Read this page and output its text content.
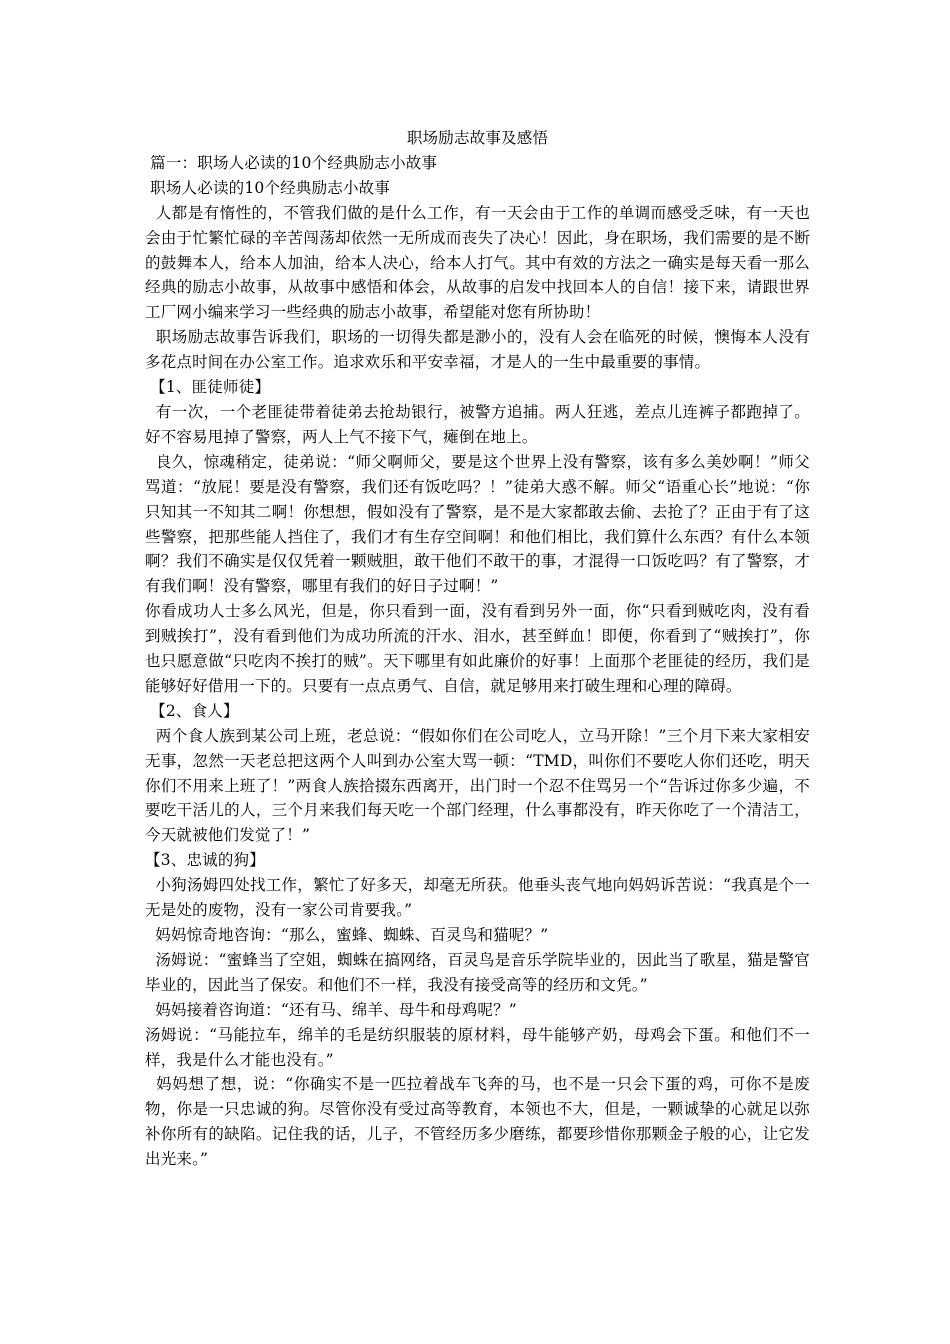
职场励志故事及感悟

篇一：职场人必读的10个经典励志小故事

职场人必读的10个经典励志小故事

人都是有惰性的，不管我们做的是什么工作，有一天会由于工作的单调而感受乏味，有一天也会由于忙繁忙碌的辛苦闯荡却依然一无所成而丧失了决心！因此，身在职场，我们需要的是不断的鼓舞本人，给本人加油，给本人决心，给本人打气。其中有效的方法之一确实是每天看一那么经典的励志小故事，从故事中感悟和体会，从故事的启发中找回本人的自信！接下来，请跟世界工厂网小编来学习一些经典的励志小故事，希望能对您有所协助！

职场励志故事告诉我们，职场的一切得失都是渺小的，没有人会在临死的时候，懊悔本人没有多花点时间在办公室工作。追求欢乐和平安幸福，才是人的一生中最重要的事情。

【1、匪徒师徒】

有一次，一个老匪徒带着徒弟去抢劫银行，被警方追捕。两人狂逃，差点儿连裤子都跑掉了。好不容易甩掉了警察，两人上气不接下气，瘫倒在地上。

良久，惊魂稍定，徒弟说：“师父啊师父，要是这个世界上没有警察，该有多么美妙啊！”师父骂道：“放屁！要是没有警察，我们还有饭吃吗？！”徒弟大惑不解。师父“语重心长”地说：“你只知其一不知其二啊！你想想，假如没有了警察，是不是大家都敢去偷、去抢了？正由于有了这些警察，把那些能人挡住了，我们才有生存空间啊！和他们相比，我们算什么东西？有什么本领啊？我们不确实是仅仅凭着一颗贼胆，敢干他们不敢干的事，才混得一口饭吃吗？有了警察，才有我们啊！没有警察，哪里有我们的好日子过啊！”

你看成功人士多么风光，但是，你只看到一面，没有看到另外一面，你“只看到贼吃肉，没有看到贼挨打”，没有看到他们为成功所流的汗水、泪水，甚至鲜血！即便，你看到了“贼挨打”，你也只愿意做“只吃肉不挨打的贼”。天下哪里有如此廉价的好事！上面那个老匪徒的经历，我们是能够好好借用一下的。只要有一点点勇气、自信，就足够用来打破生理和心理的障碍。

【2、食人】

两个食人族到某公司上班，老总说：“假如你们在公司吃人，立马开除！”三个月下来大家相安无事，忽然一天老总把这两个人叫到办公室大骂一顿：“TMD，叫你们不要吃人你们还吃，明天你们不用来上班了！”两食人族拾掇东西离开，出门时一个忍不住骂另一个“告诉过你多少遍，不要吃干活儿的人，三个月来我们每天吃一个部门经理，什么事都没有，昨天你吃了一个清洁工，今天就被他们发觉了！”

【3、忠诚的狗】

小狗汤姆四处找工作，繁忙了好多天，却毫无所获。他垂头丧气地向妈妈诉苦说：“我真是个一无是处的废物，没有一家公司肯要我。”

妈妈惊奇地咨询：“那么，蜜蜂、蜘蛛、百灵鸟和猫呢？”

汤姆说：“蜜蜂当了空姐，蜘蛛在搞网络，百灵鸟是音乐学院毕业的，因此当了歌星，猫是警官毕业的，因此当了保安。和他们不一样，我没有接受高等的经历和文凭。”

妈妈接着咨询道：“还有马、绵羊、母牛和母鸡呢？”

汤姆说：“马能拉车，绵羊的毛是纺织服装的原材料，母牛能够产奶，母鸡会下蛋。和他们不一样，我是什么才能也没有。”

妈妈想了想，说：“你确实不是一匹拉着战车飞奔的马，也不是一只会下蛋的鸡，可你不是废物，你是一只忠诚的狗。尽管你没有受过高等教育，本领也不大，但是，一颗诚挚的心就足以弥补你所有的缺陷。记住我的话，儿子，不管经历多少磨练，都要珍惜你那颗金子般的心，让它发出光来。”
